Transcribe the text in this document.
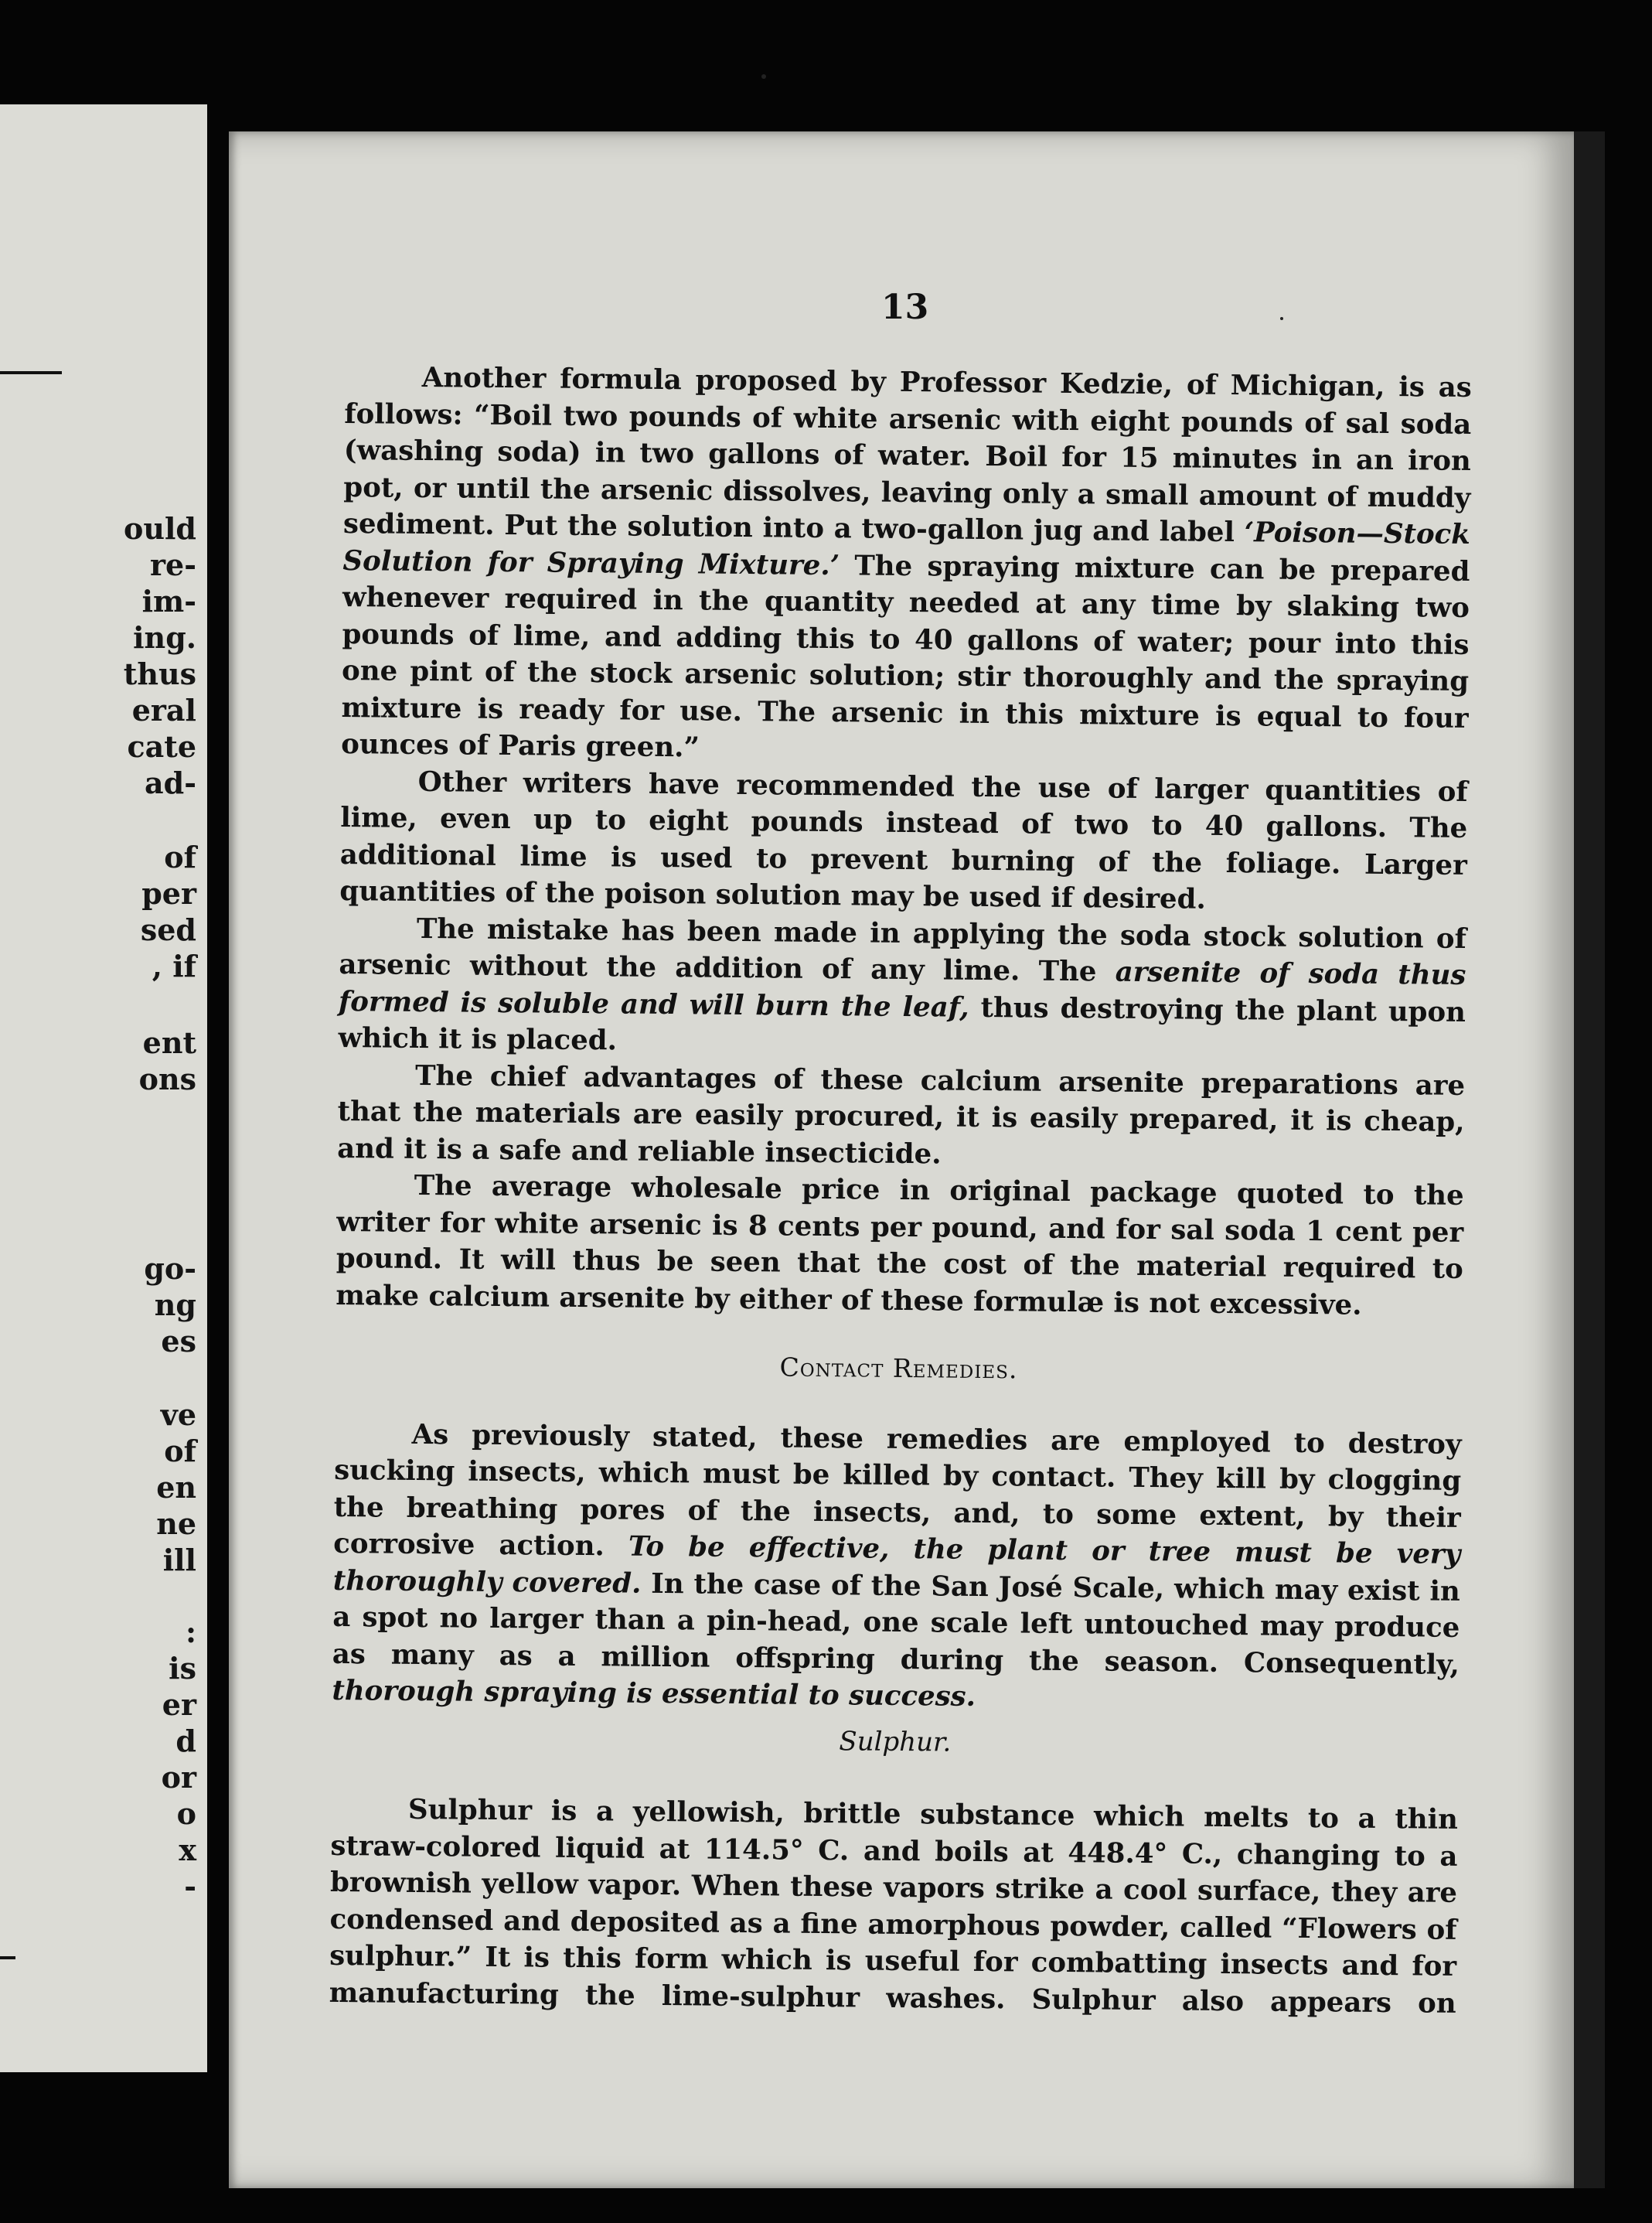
ould
re-
im-
ing.
thus
eral
cate
ad-
of
per
sed
, if
ent
ons
go-
ng
es
ve
of
en
ne
ill
:
is
er
d
or
o
x
-
13

Another formula proposed by Professor Kedzie, of Michigan, is as follows: “Boil two pounds of white arsenic with eight pounds of sal soda (washing soda) in two gallons of water. Boil for 15 minutes in an iron pot, or until the arsenic dissolves, leaving only a small amount of muddy sediment. Put the solution into a two-gallon jug and label ‘Poison—Stock Solution for Spraying Mixture.’ The spraying mixture can be prepared whenever required in the quantity needed at any time by slaking two pounds of lime, and adding this to 40 gallons of water; pour into this one pint of the stock arsenic solution; stir thoroughly and the spraying mixture is ready for use. The arsenic in this mixture is equal to four ounces of Paris green.”

Other writers have recommended the use of larger quantities of lime, even up to eight pounds instead of two to 40 gallons. The additional lime is used to prevent burning of the foliage. Larger quantities of the poison solution may be used if desired.

The mistake has been made in applying the soda stock solution of arsenic without the addition of any lime. The arsenite of soda thus formed is soluble and will burn the leaf, thus destroying the plant upon which it is placed.

The chief advantages of these calcium arsenite preparations are that the materials are easily procured, it is easily prepared, it is cheap, and it is a safe and reliable insecticide.

The average wholesale price in original package quoted to the writer for white arsenic is 8 cents per pound, and for sal soda 1 cent per pound. It will thus be seen that the cost of the material required to make calcium arsenite by either of these formulæ is not excessive.

Contact Remedies.

As previously stated, these remedies are employed to destroy sucking insects, which must be killed by contact. They kill by clogging the breathing pores of the insects, and, to some extent, by their corrosive action. To be effective, the plant or tree must be very thoroughly covered. In the case of the San José Scale, which may exist in a spot no larger than a pin-head, one scale left untouched may produce as many as a million offspring during the season. Consequently, thorough spraying is essential to success.

Sulphur.

Sulphur is a yellowish, brittle substance which melts to a thin straw-colored liquid at 114.5° C. and boils at 448.4° C., changing to a brownish yellow vapor. When these vapors strike a cool surface, they are condensed and deposited as a fine amorphous powder, called “Flowers of sulphur.” It is this form which is useful for combatting insects and for manufacturing the lime-sulphur washes. Sulphur also appears on
